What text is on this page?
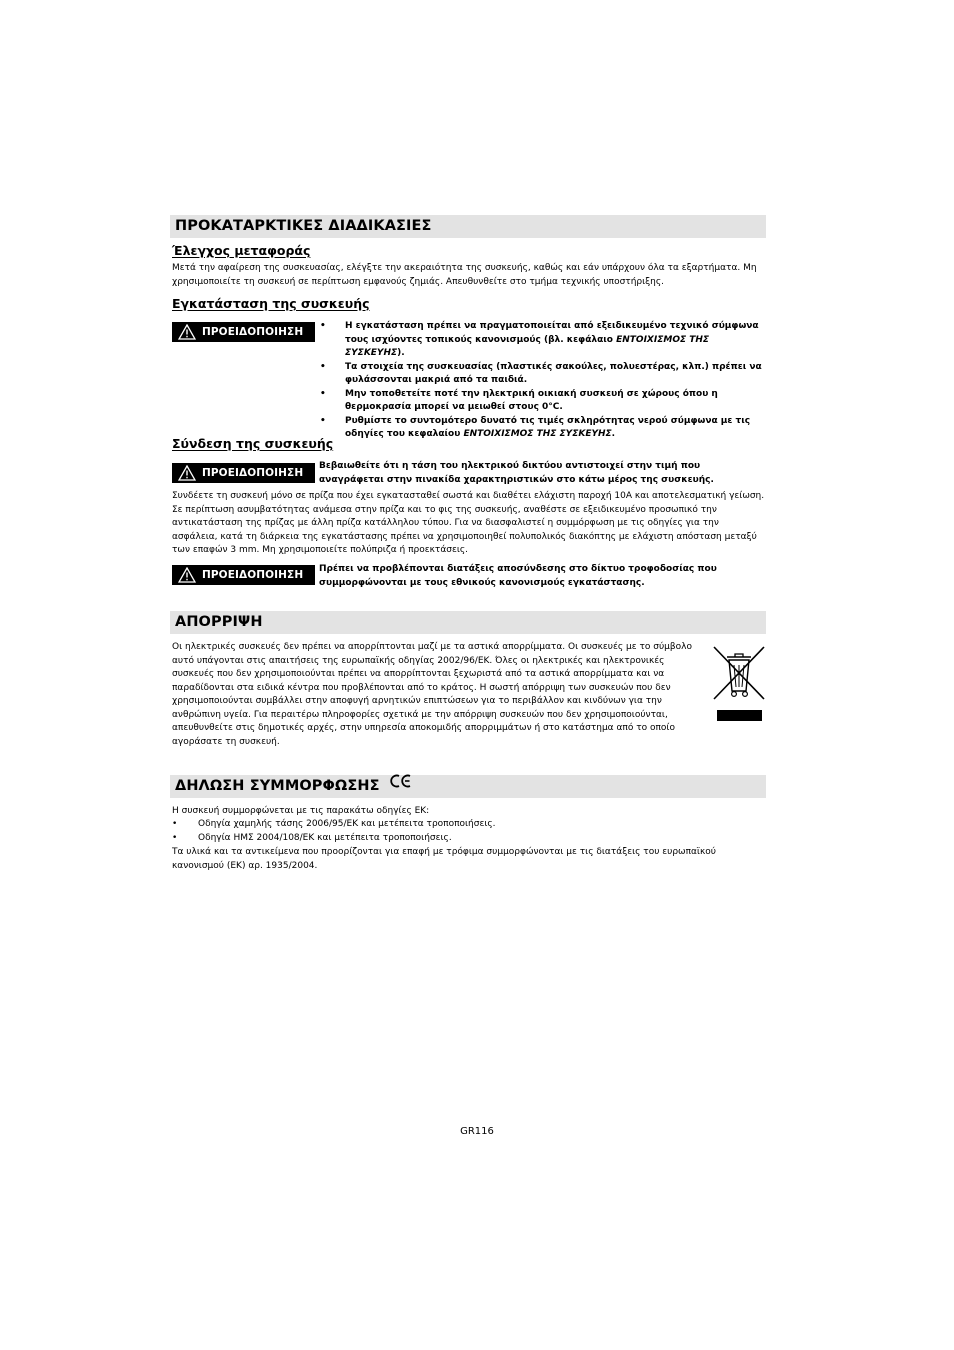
ΠΡΟΚΑΤΑΡΚΤΙΚΕΣ ΔΙΑΔΙΚΑΣΙΕΣ
Έλεγχος μεταφοράς

Μετά την αφαίρεση της συσκευασίας, ελέγξτε την ακεραιότητα της συσκευής, καθώς και εάν υπάρχουν όλα τα εξαρτήματα. Μη χρησιμοποιείτε τη συσκευή σε περίπτωση εμφανούς ζημιάς. Απευθυνθείτε στο τμήμα τεχνικής υποστήριξης.

Εγκατάσταση της συσκευής
ΠΡΟΕΙΔΟΠΟΙΗΣΗ • Η εγκατάσταση πρέπει να πραγματοποιείται από εξειδικευμένο τεχνικό σύμφωνα τους ισχύοντες τοπικούς κανονισμούς (βλ. κεφάλαιο ΕΝΤΟΙΧΙΣΜΟΣ ΤΗΣ ΣΥΣΚΕΥΗΣ).
• Τα στοιχεία της συσκευασίας (πλαστικές σακούλες, πολυεστέρας, κλπ.) πρέπει να φυλάσσονται μακριά από τα παιδιά.
• Μην τοποθετείτε ποτέ την ηλεκτρική οικιακή συσκευή σε χώρους όπου η θερμοκρασία μπορεί να μειωθεί στους 0°C.
• Ρυθμίστε το συντομότερο δυνατό τις τιμές σκληρότητας νερού σύμφωνα με τις οδηγίες του κεφαλαίου ΕΝΤΟΙΧΙΣΜΟΣ ΤΗΣ ΣΥΣΚΕΥΗΣ.
Σύνδεση της συσκευής
ΠΡΟΕΙΔΟΠΟΙΗΣΗ

Βεβαιωθείτε ότι η τάση του ηλεκτρικού δικτύου αντιστοιχεί στην τιμή που αναγράφεται στην πινακίδα χαρακτηριστικών στο κάτω μέρος της συσκευής.

Συνδέετε τη συσκευή μόνο σε πρίζα που έχει εγκατασταθεί σωστά και διαθέτει ελάχιστη παροχή 10A και αποτελεσματική γείωση. Σε περίπτωση ασυμβατότητας ανάμεσα στην πρίζα και το φις της συσκευής, αναθέστε σε εξειδικευμένο προσωπικό την αντικατάσταση της πρίζας με άλλη πρίζα κατάλληλου τύπου. Για να διασφαλιστεί η συμμόρφωση με τις οδηγίες για την ασφάλεια, κατά τη διάρκεια της εγκατάστασης πρέπει να χρησιμοποιηθεί πολυπολικός διακόπτης με ελάχιστη απόσταση μεταξύ των επαφών 3 mm. Μη χρησιμοποιείτε πολύπριζα ή προεκτάσεις.

ΠΡΟΕΙΔΟΠΟΙΗΣΗ Πρέπει να προβλέπονται διατάξεις αποσύνδεσης στο δίκτυο τροφοδοσίας που συμμορφώνονται με τους εθνικούς κανονισμούς εγκατάστασης.

ΑΠΟΡΡΙΨΗ

Οι ηλεκτρικές συσκευές δεν πρέπει να απορρίπτονται μαζί με τα αστικά απορρίμματα. Οι συσκευές με το σύμβολο αυτό υπάγονται στις απαιτήσεις της ευρωπαϊκής οδηγίας 2002/96/ΕΚ. Όλες οι ηλεκτρικές και ηλεκτρονικές συσκευές που δεν χρησιμοποιούνται πρέπει να απορρίπτονται ξεχωριστά από τα αστικά απορρίμματα και να παραδίδονται στα ειδικά κέντρα που προβλέπονται από το κράτος. Η σωστή απόρριψη των συσκευών που δεν χρησιμοποιούνται συμβάλλει στην αποφυγή αρνητικών επιπτώσεων για το περιβάλλον και κινδύνων για την ανθρώπινη υγεία. Για περαιτέρω πληροφορίες σχετικά με την απόρριψη συσκευών που δεν χρησιμοποιούνται, απευθυνθείτε στις δημοτικές αρχές, στην υπηρεσία αποκομιδής απορριμμάτων ή στο κατάστημα από το οποίο αγοράσατε τη συσκευή.

ΔΗΛΩΣΗ ΣΥΜΜΟΡΦΩΣΗΣ

Η συσκευή συμμορφώνεται με τις παρακάτω οδηγίες ΕΚ:

• Οδηγία χαμηλής τάσης 2006/95/ΕΚ και μετέπειτα τροποποιήσεις.
• Οδηγία ΗΜΣ 2004/108/ΕΚ και μετέπειτα τροποποιήσεις.

Τα υλικά και τα αντικείμενα που προορίζονται για επαφή με τρόφιμα συμμορφώνονται με τις διατάξεις του ευρωπαϊκού κανονισμού (ΕΚ) αρ. 1935/2004.

GR116
